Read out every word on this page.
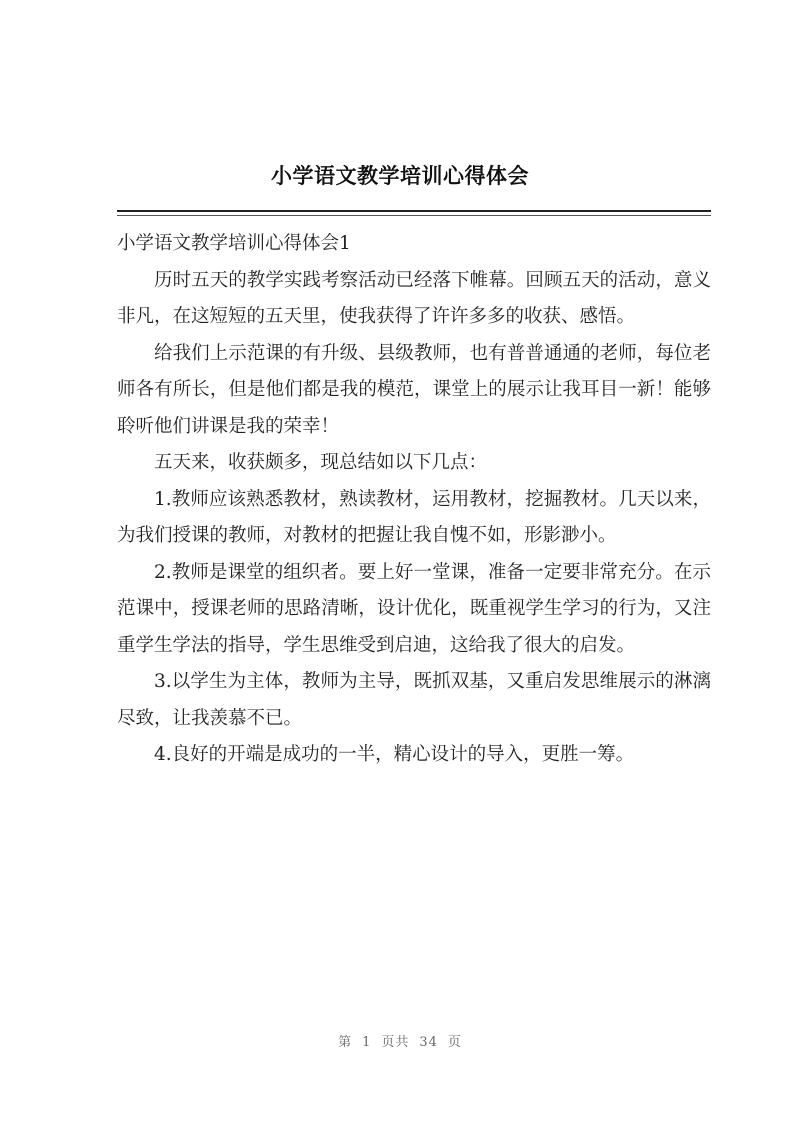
小学语文教学培训心得体会

小学语文教学培训心得体会1

历时五天的教学实践考察活动已经落下帷幕。回顾五天的活动，意义非凡，在这短短的五天里，使我获得了许许多多的收获、感悟。

给我们上示范课的有升级、县级教师，也有普普通通的老师，每位老师各有所长，但是他们都是我的模范，课堂上的展示让我耳目一新！能够聆听他们讲课是我的荣幸！

五天来，收获颇多，现总结如以下几点：

1.教师应该熟悉教材，熟读教材，运用教材，挖掘教材。几天以来，为我们授课的教师，对教材的把握让我自愧不如，形影渺小。

2.教师是课堂的组织者。要上好一堂课，准备一定要非常充分。在示范课中，授课老师的思路清晰，设计优化，既重视学生学习的行为，又注重学生学法的指导，学生思维受到启迪，这给我了很大的启发。

3.以学生为主体，教师为主导，既抓双基，又重启发思维展示的淋漓尽致，让我羡慕不已。

4.良好的开端是成功的一半，精心设计的导入，更胜一筹。

第 1 页共 34 页
